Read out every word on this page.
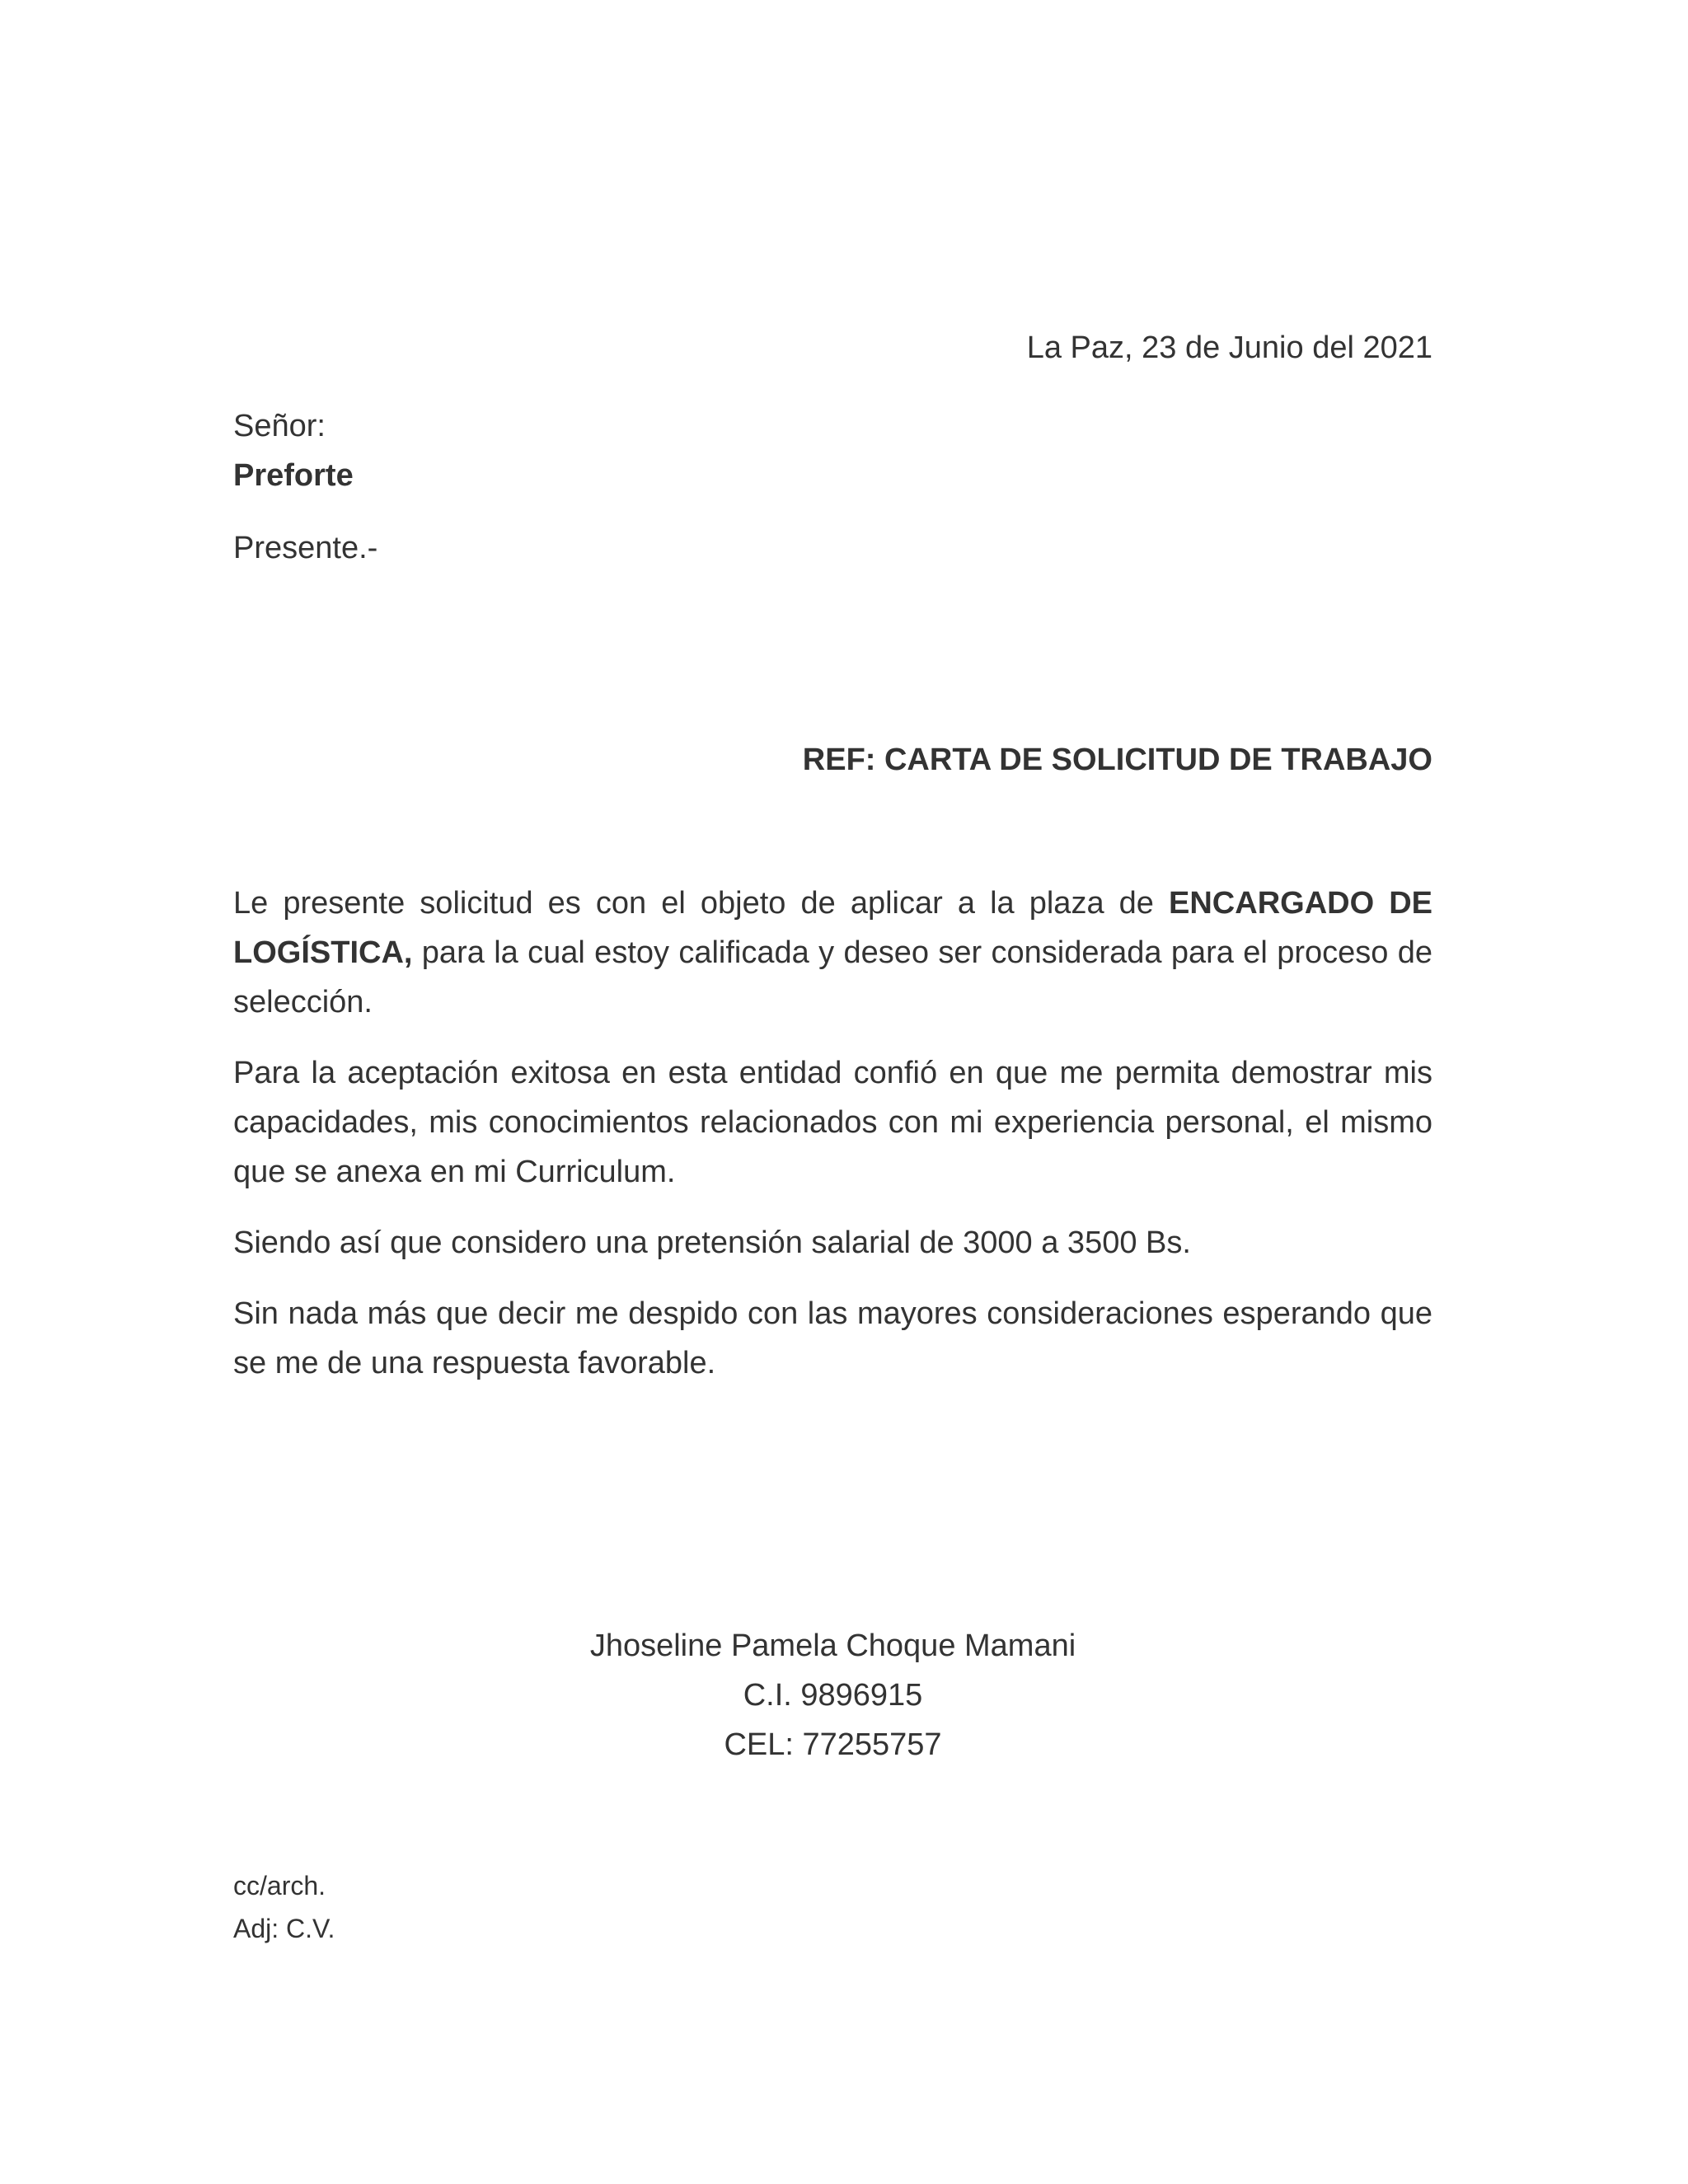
La Paz, 23 de Junio del 2021
Señor:
Preforte
Presente.-
REF: CARTA DE SOLICITUD DE TRABAJO

Le presente solicitud es con el objeto de aplicar a la plaza de ENCARGADO DE LOGÍSTICA, para la cual estoy calificada y deseo ser considerada para el proceso de selección.

Para la aceptación exitosa en esta entidad confió en que me permita demostrar mis capacidades, mis conocimientos relacionados con mi experiencia personal, el mismo que se anexa en mi Curriculum.

Siendo así que considero una pretensión salarial de 3000 a 3500 Bs.

Sin nada más que decir me despido con las mayores consideraciones esperando que se me de una respuesta favorable.

Jhoseline Pamela Choque Mamani
C.I. 9896915
CEL: 77255757
cc/arch.
Adj: C.V.
